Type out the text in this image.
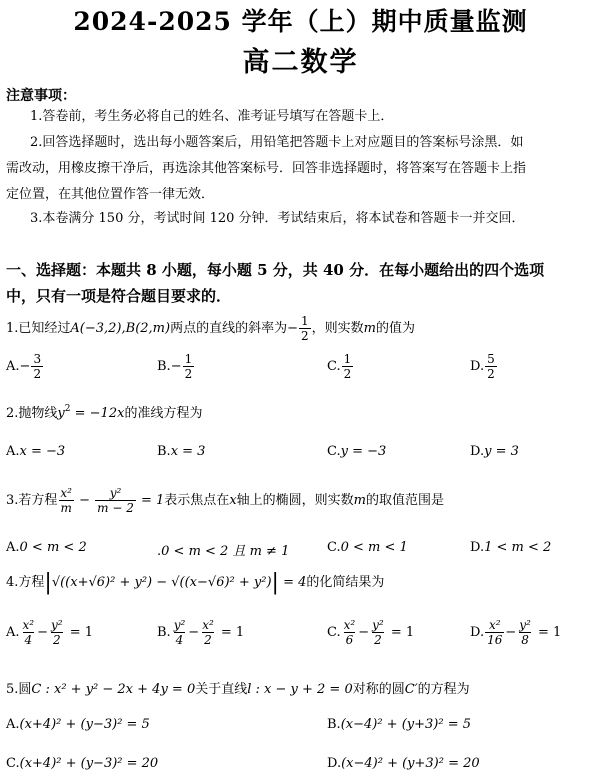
2024-2025 学年（上）期中质量监测
高二数学
注意事项：
1.答卷前，考生务必将自己的姓名、准考证号填写在答题卡上．
2.回答选择题时，选出每小题答案后，用铅笔把答题卡上对应题目的答案标号涂黑．如
需改动，用橡皮擦干净后，再选涂其他答案标号．回答非选择题时，将答案写在答题卡上指
定位置，在其他位置作答一律无效．
3.本卷满分 150 分，考试时间 120 分钟．考试结束后，将本试卷和答题卡一并交回．
一、选择题：本题共 8 小题，每小题 5 分，共 40 分．在每小题给出的四个选项
中，只有一项是符合题目要求的．
1.已知经过A(−3,2),B(2,m)两点的直线的斜率为− $\frac{1}{2}$ ，则实数m的值为
$A.- \frac{3}{2}$	$B.- \frac{1}{2}$	C. $\frac{1}{2}$	D. $\frac{5}{2}$
2.抛物线$y^2 = -12x$的准线方程为
A.x = −3	B.x = 3	C.y = −3	D.y = 3
3.若方程 $\frac{\text{x²}}{m} - \frac{\text{y²}}{m - 2} = 1$表示焦点在x轴上的椭圆，则实数m的取值范围是
A.0 < m < 2	.0 < m < 2 且 m ≠ 1	C.0 < m < 1	D.1 < m < 2
4.方程|√((x+√6)² + y²) − √((x−√6)² + y²)| = 4的化简结果为
A. $\frac{\text{x²}}{4} - \frac{\text{y²}}{2} = 1$	B. $\frac{\text{y²}}{4} - \frac{\text{x²}}{2} = 1$	C. $\frac{\text{x²}}{6} - \frac{\text{y²}}{2} = 1$	D. $\frac{\text{x²}}{16} - \frac{\text{y²}}{8} = 1$
5.圆C : x² + y² − 2x + 4y = 0关于直线l : x − y + 2 = 0对称的圆C′的方程为
A.(x+4)² + (y−3)² = 5	B.(x−4)² + (y+3)² = 5
C.(x+4)² + (y−3)² = 20	D.(x−4)² + (y+3)² = 20
